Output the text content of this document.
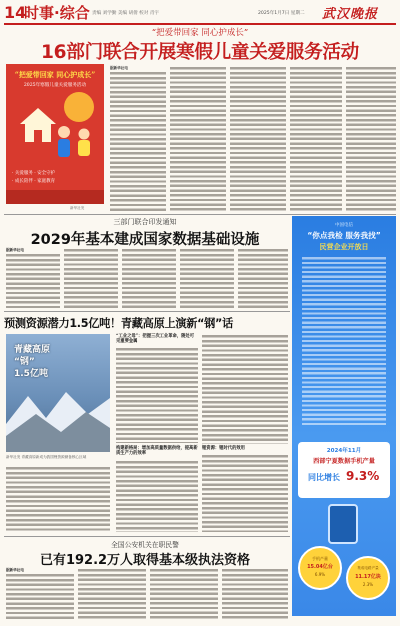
14
时事·综合 责编 刘学勤 美编 胡倩 校对 肖宇	2025年1月7日 星期二 武汉晚报
“把爱带回家 同心护成长”
16部门联合开展寒假儿童关爱服务活动
“把爱带回家 同心护成长”
2025年寒假儿童关爱服务活动
· 关爱服务 · 安全守护
· 成长陪伴 · 家庭教育
新华社发
据新华社电
三部门联合印发通知
2029年基本建成国家数据基础设施
据新华社电
中国电信
“你点我检 服务我找”
民营企业开放日
2024年11月
西部宁夏数据手机产量
同比增长 9.3%
手机产量
15.04亿台
6.9%
集成电路产量
11.17亿块
2.3%
预测资源潜力1.5亿吨！青藏高原上演新“钢”话
青藏高原
“钢”
1.5亿吨
新华社发 青藏高原新成为我国锂资源储备核心区域
“工业之母”：把握三次工业革命，随处可见重要金属
构建新格局：增加高质量数据供给，提高新质生产力的效率
锂资源：锂时代的效用
全国公安机关在职民警
已有192.2万人取得基本级执法资格
据新华社电
